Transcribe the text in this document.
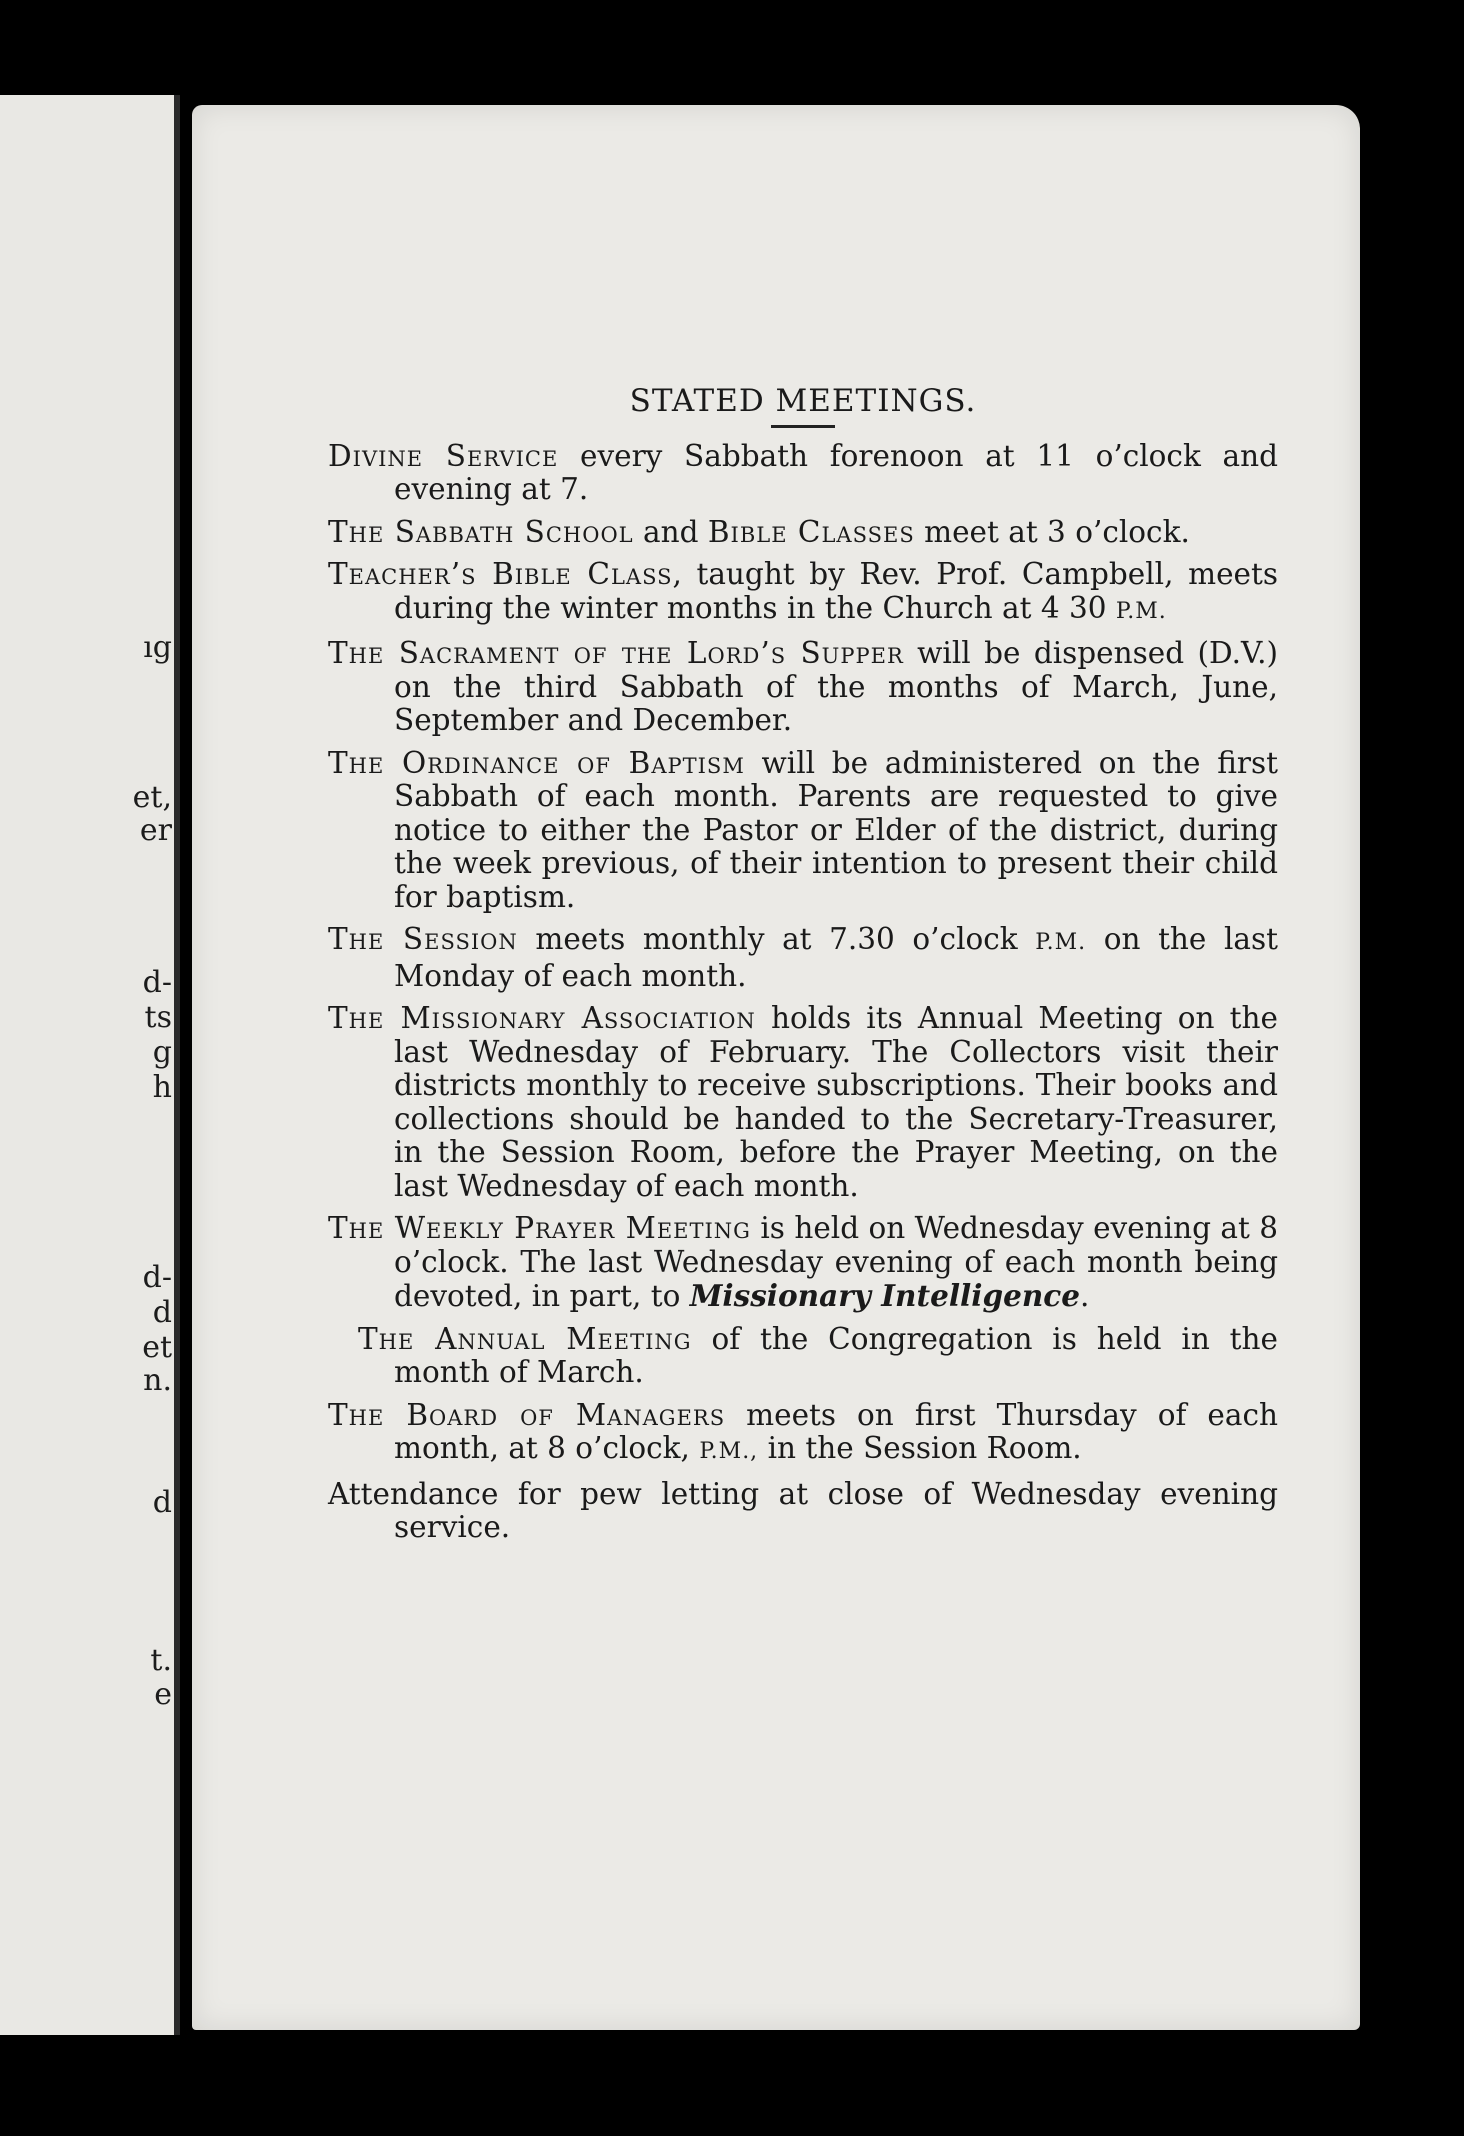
ıg
et,
er
d-
ts
g
h
d-
d
et
n.
d
t.
e
STATED MEETINGS.

Divine Service every Sabbath forenoon at 11 o’clock and evening at 7.

The Sabbath School and Bible Classes meet at 3 o’clock.

Teacher’s Bible Class, taught by Rev. Prof. Campbell, meets during the winter months in the Church at 4 30 P.M.

The Sacrament of the Lord’s Supper will be dispensed (D.V.) on the third Sabbath of the months of March, June, September and December.

The Ordinance of Baptism will be administered on the first Sabbath of each month. Parents are requested to give notice to either the Pastor or Elder of the district, during the week previous, of their intention to present their child for baptism.

The Session meets monthly at 7.30 o’clock P.M. on the last Monday of each month.

The Missionary Association holds its Annual Meeting on the last Wednesday of February. The Collectors visit their districts monthly to receive subscriptions. Their books and collections should be handed to the Secretary-Treasurer, in the Session Room, before the Prayer Meeting, on the last Wednesday of each month.

The Weekly Prayer Meeting is held on Wednesday evening at 8 o’clock. The last Wednesday evening of each month being devoted, in part, to Missionary Intelligence.

The Annual Meeting of the Congregation is held in the month of March.

The Board of Managers meets on first Thursday of each month, at 8 o’clock, P.M., in the Session Room.

Attendance for pew letting at close of Wednesday evening service.
